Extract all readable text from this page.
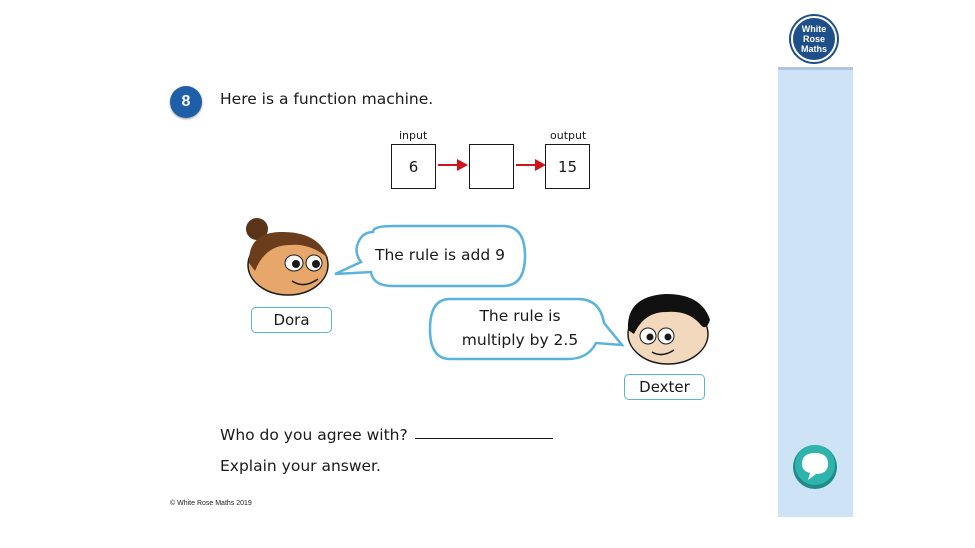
White
Rose
Maths
8	Here is a function machine.
input	output
6	15
The rule is add 9
Dora	The rule is
multiply by 2.5
Dexter
Who do you agree with?
Explain your answer.
© White Rose Maths 2019
